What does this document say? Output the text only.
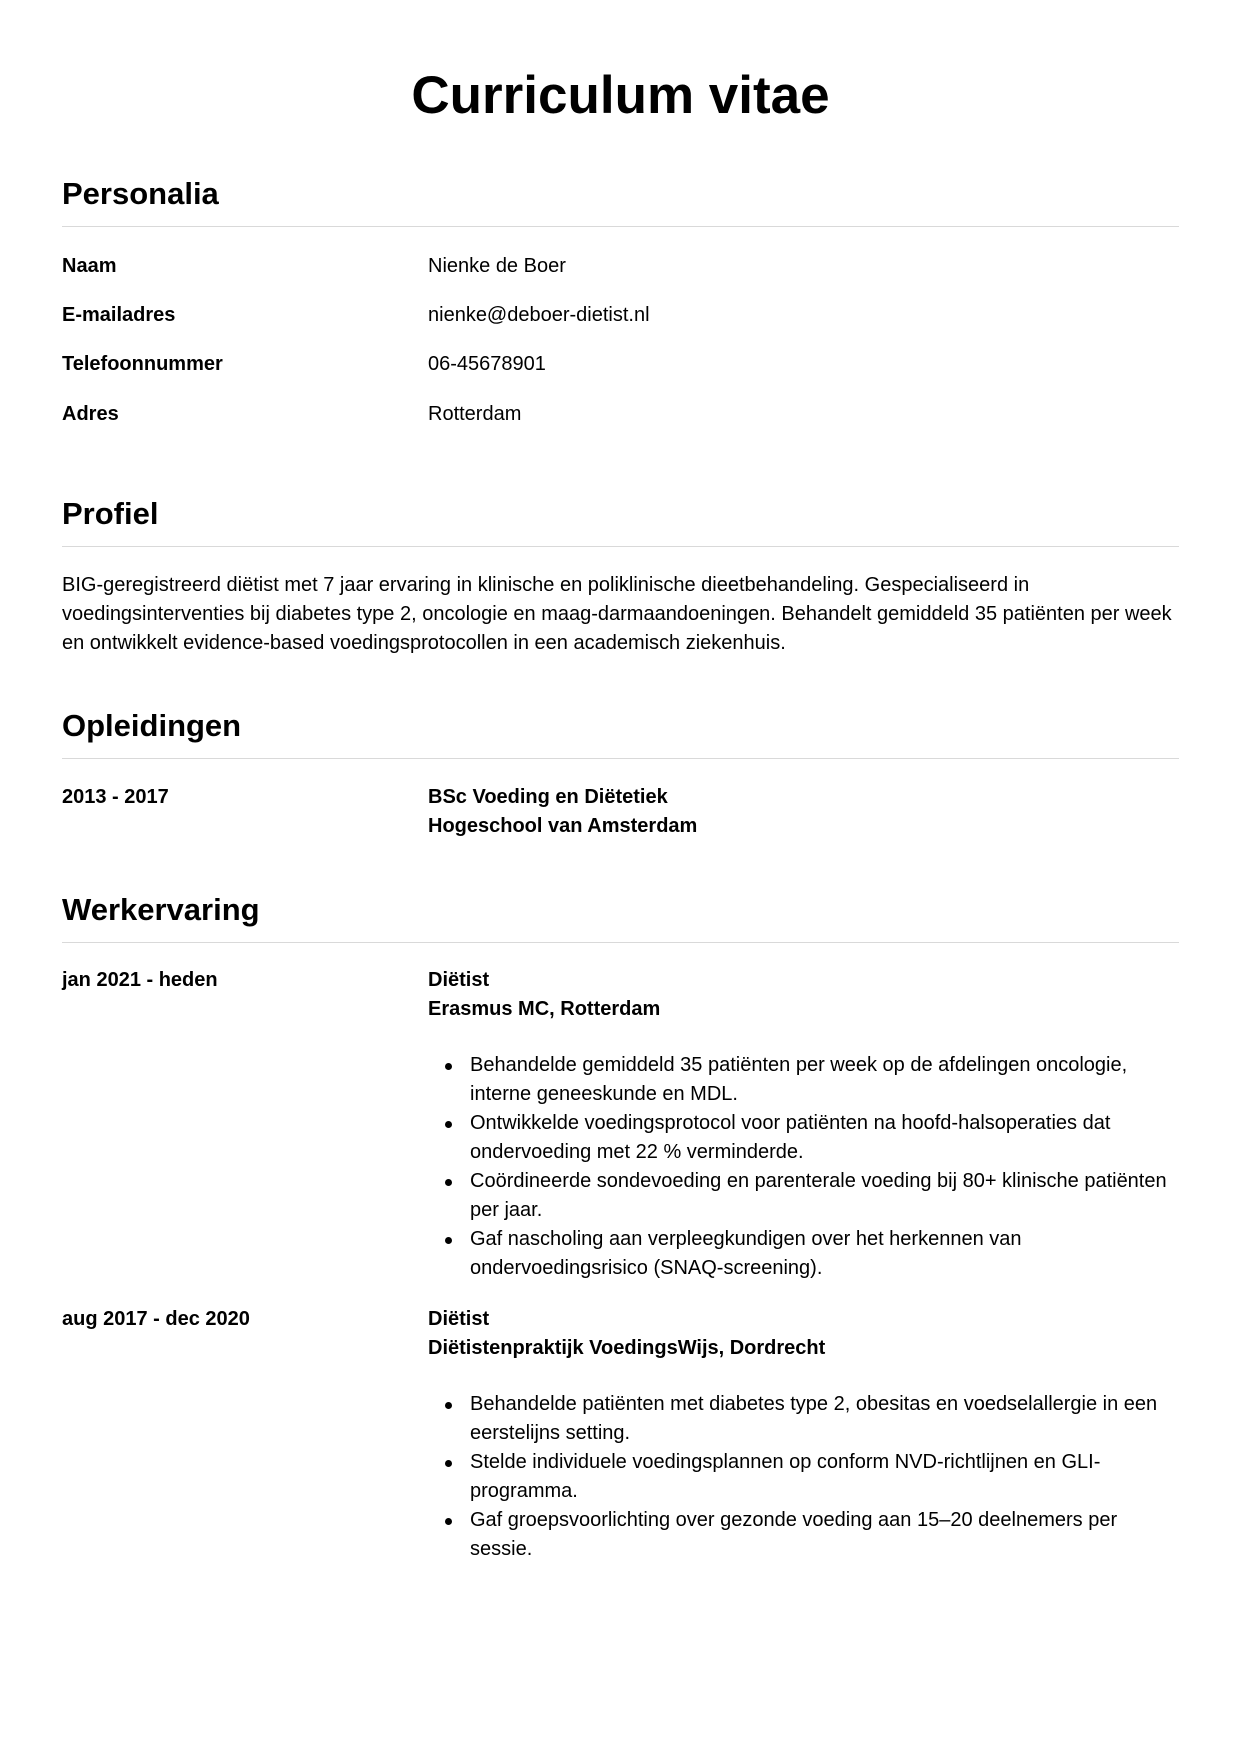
Curriculum vitae
Personalia
Naam	Nienke de Boer
E-mailadres	nienke@deboer-dietist.nl
Telefoonnummer	06-45678901
Adres	Rotterdam
Profiel

BIG-geregistreerd diëtist met 7 jaar ervaring in klinische en poliklinische dieetbehandeling. Gespecialiseerd in voedingsinterventies bij diabetes type 2, oncologie en maag-darmaandoeningen. Behandelt gemiddeld 35 patiënten per week en ontwikkelt evidence-based voedingsprotocollen in een academisch ziekenhuis.

Opleidingen
2013 - 2017	BSc Voeding en Diëtetiek
Hogeschool van Amsterdam
Werkervaring
jan 2021 - heden	Diëtist
Erasmus MC, Rotterdam
Behandelde gemiddeld 35 patiënten per week op de afdelingen oncologie, interne geneeskunde en MDL.
Ontwikkelde voedingsprotocol voor patiënten na hoofd-halsoperaties dat ondervoeding met 22 % verminderde.
Coördineerde sondevoeding en parenterale voeding bij 80+ klinische patiënten per jaar.
Gaf nascholing aan verpleegkundigen over het herkennen van ondervoedingsrisico (SNAQ-screening).
aug 2017 - dec 2020	Diëtist
Diëtistenpraktijk VoedingsWijs, Dordrecht
Behandelde patiënten met diabetes type 2, obesitas en voedselallergie in een eerstelijns setting.
Stelde individuele voedingsplannen op conform NVD-richtlijnen en GLI-programma.
Gaf groepsvoorlichting over gezonde voeding aan 15–20 deelnemers per sessie.
